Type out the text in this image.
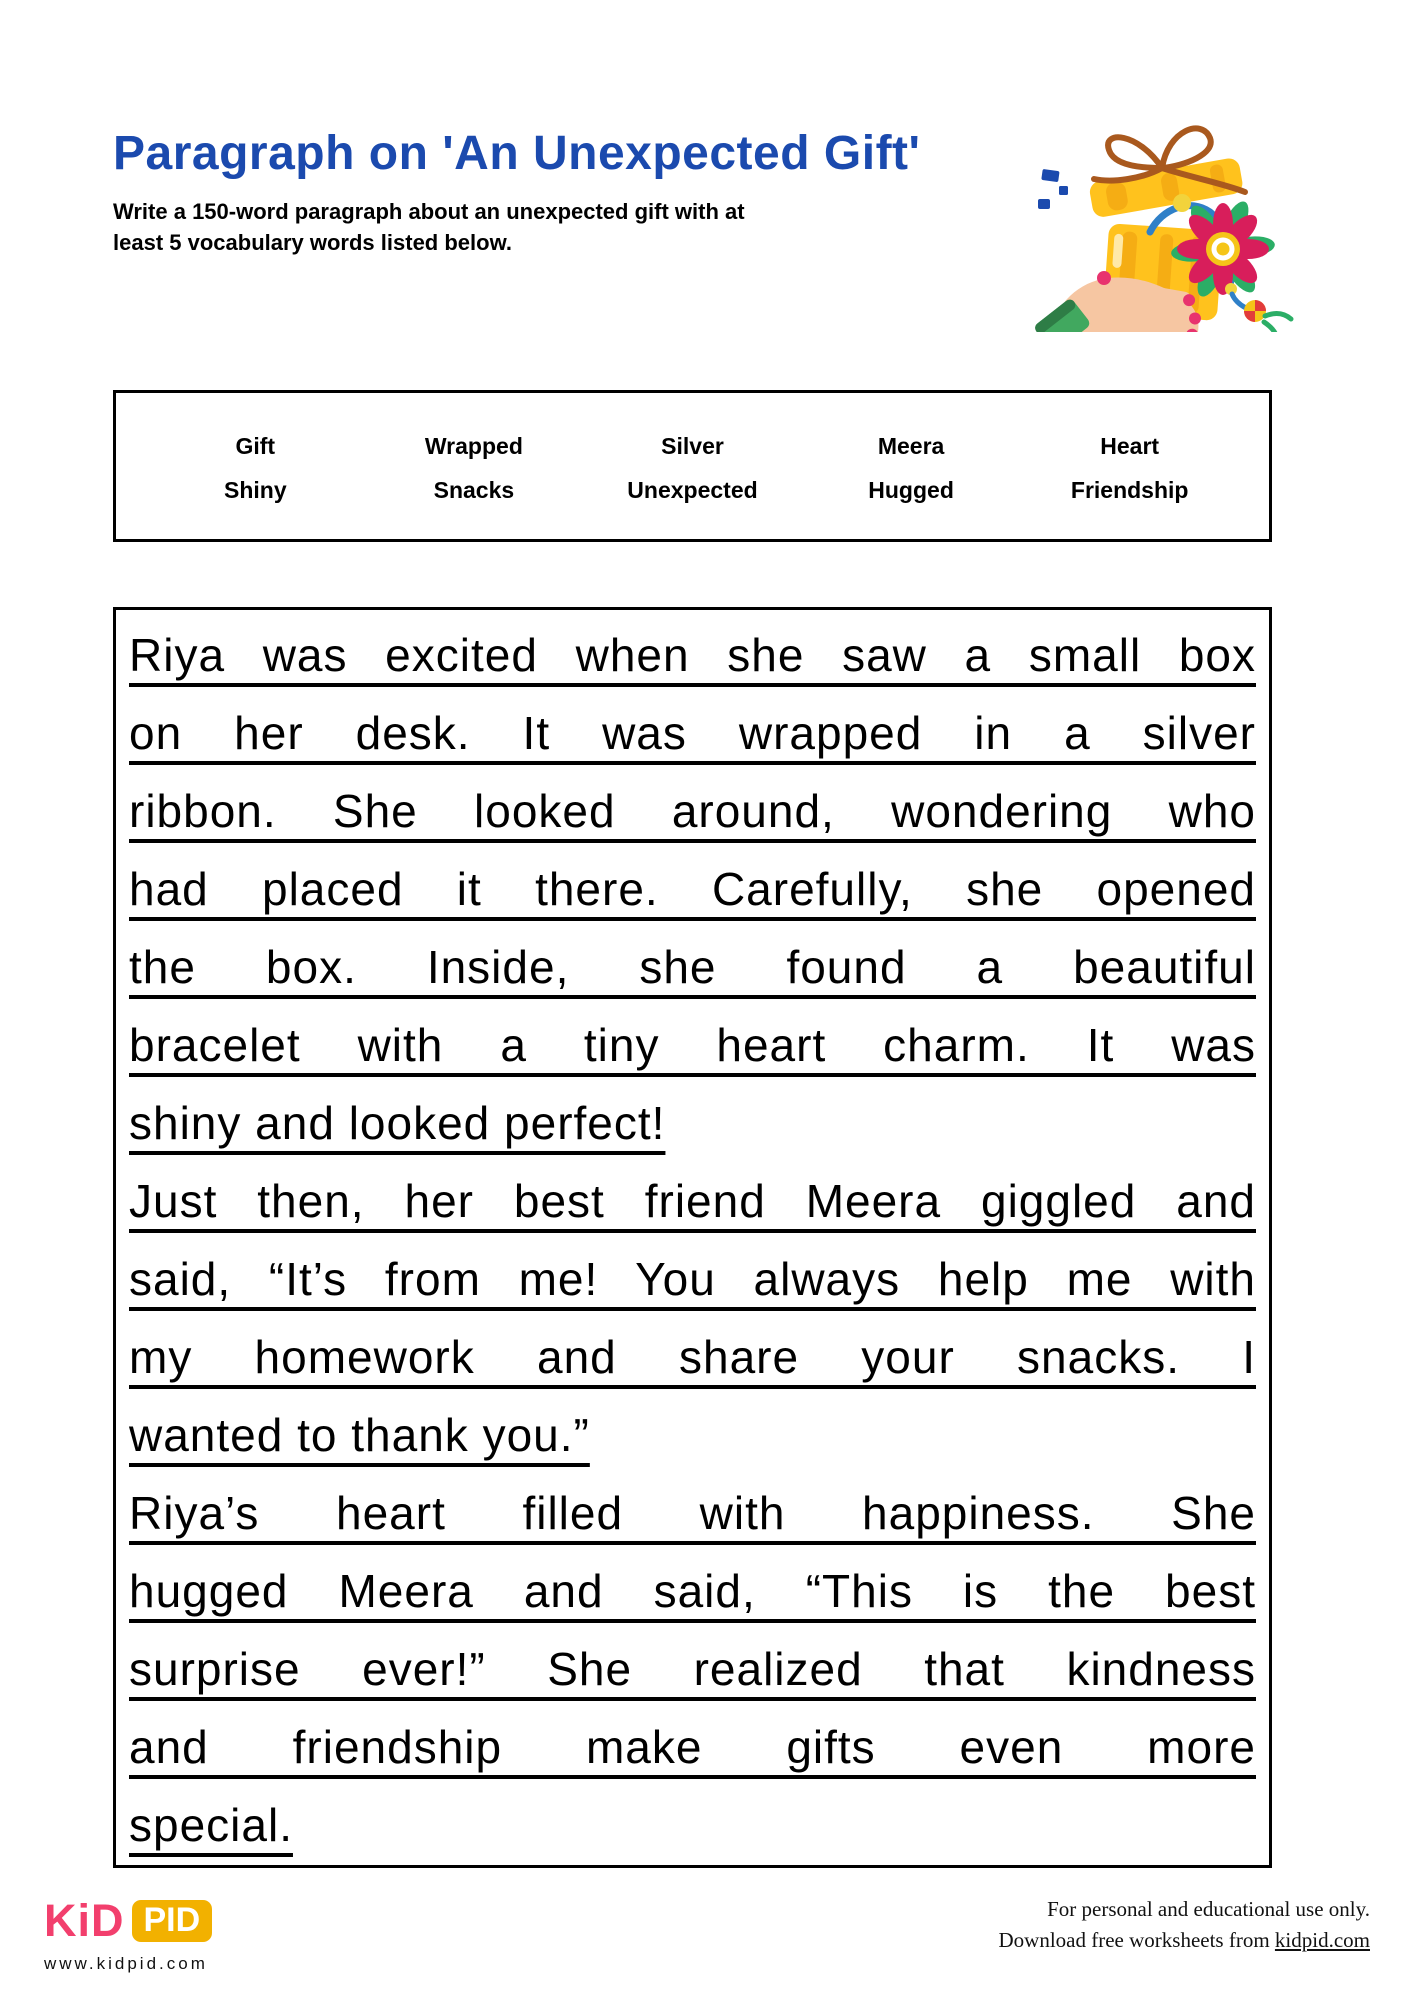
Paragraph on 'An Unexpected Gift'
Write a 150-word paragraph about an unexpected gift with at
least 5 vocabulary words listed below.
Gift	Wrapped	Silver	Meera	Heart
Shiny	Snacks	Unexpected	Hugged	Friendship
Riya was excited when she saw a small box
on her desk. It was wrapped in a silver
ribbon. She looked around, wondering who
had placed it there. Carefully, she opened
the box. Inside, she found a beautiful
bracelet with a tiny heart charm. It was
shiny and looked perfect!
Just then, her best friend Meera giggled and
said, “It’s from me! You always help me with
my homework and share your snacks. I
wanted to thank you.”
Riya’s heart filled with happiness. She
hugged Meera and said, “This is the best
surprise ever!” She realized that kindness
and friendship make gifts even more
special.
KiD PID
www.kidpid.com
For personal and educational use only.
Download free worksheets from kidpid.com
